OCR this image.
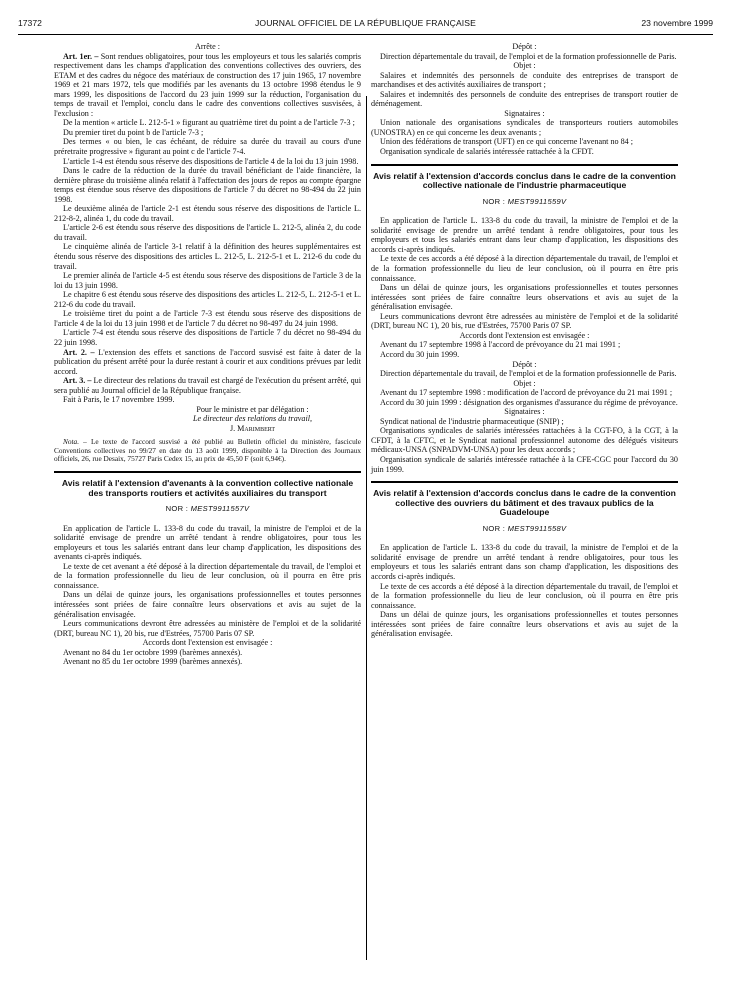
17372	JOURNAL OFFICIEL DE LA RÉPUBLIQUE FRANÇAISE	23 novembre 1999

Arrête :

Art. 1er. – Sont rendues obligatoires, pour tous les employeurs et tous les salariés compris respectivement dans les champs d'application des conventions collectives des ouvriers, des ETAM et des cadres du négoce des matériaux de construction des 17 juin 1965, 17 novembre 1969 et 21 mars 1972, tels que modifiés par les avenants du 13 octobre 1998 étendus le 9 mars 1999, les dispositions de l'accord du 23 juin 1999 sur la réduction, l'organisation du temps de travail et l'emploi, conclu dans le cadre des conventions collectives susvisées, à l'exclusion :

De la mention « article L. 212-5-1 » figurant au quatrième tiret du point a de l'article 7-3 ;

Du premier tiret du point b de l'article 7-3 ;

Des termes « ou bien, le cas échéant, de réduire sa durée du travail au cours d'une préretraite progressive » figurant au point c de l'article 7-4.

L'article 1-4 est étendu sous réserve des dispositions de l'article 4 de la loi du 13 juin 1998.

Dans le cadre de la réduction de la durée du travail bénéficiant de l'aide financière, la dernière phrase du troisième alinéa relatif à l'affectation des jours de repos au compte épargne temps est étendue sous réserve des dispositions de l'article 7 du décret no 98-494 du 22 juin 1998.

Le deuxième alinéa de l'article 2-1 est étendu sous réserve des dispositions de l'article L. 212-8-2, alinéa 1, du code du travail.

L'article 2-6 est étendu sous réserve des dispositions de l'article L. 212-5, alinéa 2, du code du travail.

Le cinquième alinéa de l'article 3-1 relatif à la définition des heures supplémentaires est étendu sous réserve des dispositions des articles L. 212-5, L. 212-5-1 et L. 212-6 du code du travail.

Le premier alinéa de l'article 4-5 est étendu sous réserve des dispositions de l'article 3 de la loi du 13 juin 1998.

Le chapitre 6 est étendu sous réserve des dispositions des articles L. 212-5, L. 212-5-1 et L. 212-6 du code du travail.

Le troisième tiret du point a de l'article 7-3 est étendu sous réserve des dispositions de l'article 4 de la loi du 13 juin 1998 et de l'article 7 du décret no 98-497 du 24 juin 1998.

L'article 7-4 est étendu sous réserve des dispositions de l'article 7 du décret no 98-494 du 22 juin 1998.

Art. 2. – L'extension des effets et sanctions de l'accord susvisé est faite à dater de la publication du présent arrêté pour la durée restant à courir et aux conditions prévues par ledit accord.

Art. 3. – Le directeur des relations du travail est chargé de l'exécution du présent arrêté, qui sera publié au Journal officiel de la République française.

Fait à Paris, le 17 novembre 1999.

Pour le ministre et par délégation :

Le directeur des relations du travail,

J. Marimbert

Nota. – Le texte de l'accord susvisé a été publié au Bulletin officiel du ministère, fascicule Conventions collectives no 99/27 en date du 13 août 1999, disponible à la Direction des Journaux officiels, 26, rue Desaix, 75727 Paris Cedex 15, au prix de 45,50 F (soit 6,94€).

Avis relatif à l'extension d'avenants à la convention collective nationale des transports routiers et activités auxiliaires du transport

NOR : MEST9911557V

En application de l'article L. 133-8 du code du travail, la ministre de l'emploi et de la solidarité envisage de prendre un arrêté tendant à rendre obligatoires, pour tous les employeurs et tous les salariés entrant dans leur champ d'application, les dispositions des avenants ci-après indiqués.

Le texte de cet avenant a été déposé à la direction départementale du travail, de l'emploi et de la formation professionnelle du lieu de leur conclusion, où il pourra en être pris connaissance.

Dans un délai de quinze jours, les organisations professionnelles et toutes personnes intéressées sont priées de faire connaître leurs observations et avis au sujet de la généralisation envisagée.

Leurs communications devront être adressées au ministère de l'emploi et de la solidarité (DRT, bureau NC 1), 20 bis, rue d'Estrées, 75700 Paris 07 SP.

Accords dont l'extension est envisagée :

Avenant no 84 du 1er octobre 1999 (barèmes annexés).

Avenant no 85 du 1er octobre 1999 (barèmes annexés).

Dépôt :

Direction départementale du travail, de l'emploi et de la formation professionnelle de Paris.

Objet :

Salaires et indemnités des personnels de conduite des entreprises de transport de marchandises et des activités auxiliaires de transport ;

Salaires et indemnités des personnels de conduite des entreprises de transport routier de déménagement.

Signataires :

Union nationale des organisations syndicales de transporteurs routiers automobiles (UNOSTRA) en ce qui concerne les deux avenants ;

Union des fédérations de transport (UFT) en ce qui concerne l'avenant no 84 ;

Organisation syndicale de salariés intéressée rattachée à la CFDT.

Avis relatif à l'extension d'accords conclus dans le cadre de la convention collective nationale de l'industrie pharmaceutique

NOR : MEST9911559V

En application de l'article L. 133-8 du code du travail, la ministre de l'emploi et de la solidarité envisage de prendre un arrêté tendant à rendre obligatoires, pour tous les employeurs et tous les salariés entrant dans leur champ d'application, les dispositions des accords ci-après indiqués.

Le texte de ces accords a été déposé à la direction départementale du travail, de l'emploi et de la formation professionnelle du lieu de leur conclusion, où il pourra en être pris connaissance.

Dans un délai de quinze jours, les organisations professionnelles et toutes personnes intéressées sont priées de faire connaître leurs observations et avis au sujet de la généralisation envisagée.

Leurs communications devront être adressées au ministère de l'emploi et de la solidarité (DRT, bureau NC 1), 20 bis, rue d'Estrées, 75700 Paris 07 SP.

Accords dont l'extension est envisagée :

Avenant du 17 septembre 1998 à l'accord de prévoyance du 21 mai 1991 ;

Accord du 30 juin 1999.

Dépôt :

Direction départementale du travail, de l'emploi et de la formation professionnelle de Paris.

Objet :

Avenant du 17 septembre 1998 : modification de l'accord de prévoyance du 21 mai 1991 ;

Accord du 30 juin 1999 : désignation des organismes d'assurance du régime de prévoyance.

Signataires :

Syndicat national de l'industrie pharmaceutique (SNIP) ;

Organisations syndicales de salariés intéressées rattachées à la CGT-FO, à la CGT, à la CFDT, à la CFTC, et le Syndicat national professionnel autonome des délégués visiteurs médicaux-UNSA (SNPADVM-UNSA) pour les deux accords ;

Organisation syndicale de salariés intéressée rattachée à la CFE-CGC pour l'accord du 30 juin 1999.

Avis relatif à l'extension d'accords conclus dans le cadre de la convention collective des ouvriers du bâtiment et des travaux publics de la Guadeloupe

NOR : MEST9911558V

En application de l'article L. 133-8 du code du travail, la ministre de l'emploi et de la solidarité envisage de prendre un arrêté tendant à rendre obligatoires, pour tous les employeurs et tous les salariés entrant dans son champ d'application, les dispositions des accords ci-après indiqués.

Le texte de ces accords a été déposé à la direction départementale du travail, de l'emploi et de la formation professionnelle du lieu de leur conclusion, où il pourra en être pris connaissance.

Dans un délai de quinze jours, les organisations professionnelles et toutes personnes intéressées sont priées de faire connaître leurs observations et avis au sujet de la généralisation envisagée.
